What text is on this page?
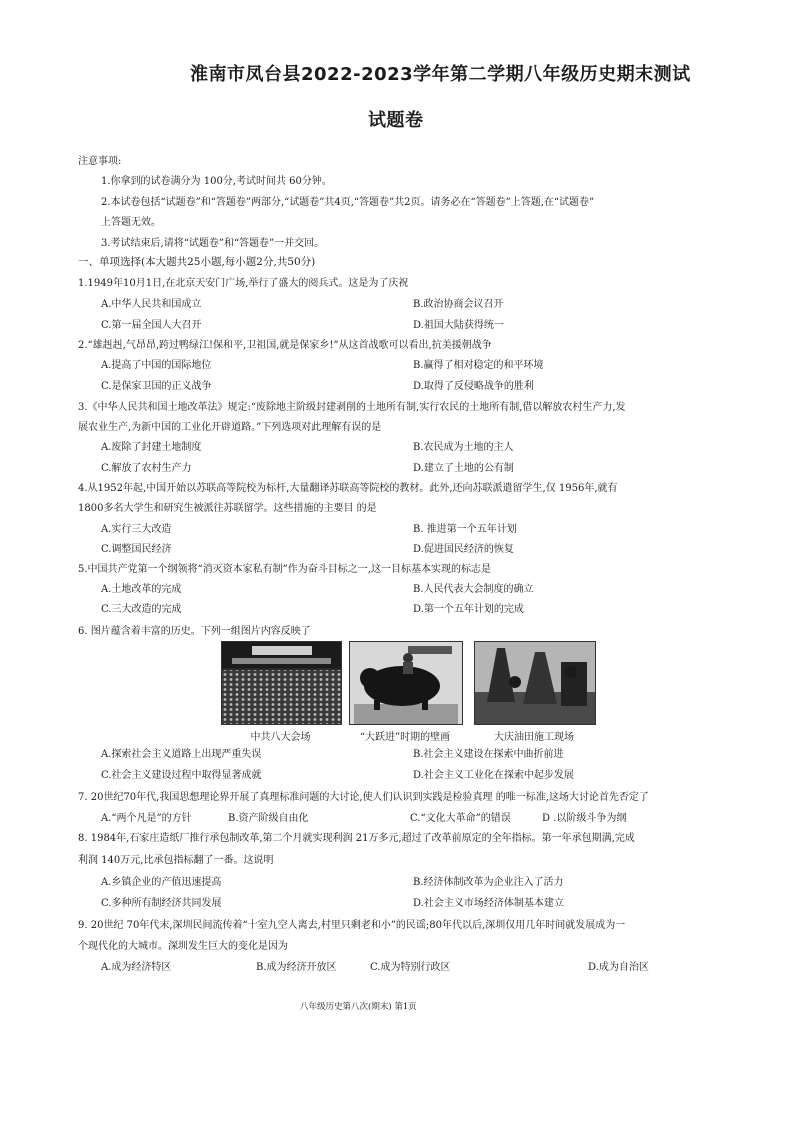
淮南市凤台县2022-2023学年第二学期八年级历史期末测试
试题卷
注意事项:
1.你拿到的试卷满分为 100分,考试时间共 60分钟。
2.本试卷包括“试题卷”和“答题卷”两部分,“试题卷”共4页,“答题卷”共2页。请务必在“答题卷”上答题,在“试题卷”
上答题无效。
3.考试结束后,请将“试题卷”和“答题卷”一并交回。
一、单项选择(本大题共25小题,每小题2分,共50分)
1.1949年10月1日,在北京天安门广场,举行了盛大的阅兵式。这是为了庆祝
A.中华人民共和国成立	B.政治协商会议召开
C.第一届全国人大召开	D.祖国大陆获得统一
2.“雄赳赳,气昂昂,跨过鸭绿江!保和平,卫祖国,就是保家乡!”从这首战歌可以看出,抗美援朝战争
A.提高了中国的国际地位	B.赢得了相对稳定的和平环境
C.是保家卫国的正义战争	D.取得了反侵略战争的胜利
3.《中华人民共和国土地改革法》规定:“废除地主阶级封建剥削的土地所有制,实行农民的土地所有制,借以解放农村生产力,发
展农业生产,为新中国的工业化开辟道路。”下列选项对此理解有误的是
A.废除了封建土地制度	B.农民成为土地的主人
C.解放了农村生产力	D.建立了土地的公有制
4.从1952年起,中国开始以苏联高等院校为标杆,大量翻译苏联高等院校的教材。此外,还向苏联派遣留学生,仅 1956年,就有
1800多名大学生和研究生被派往苏联留学。这些措施的主要目 的是
A.实行三大改造	B. 推进第一个五年计划
C.调整国民经济	D.促进国民经济的恢复
5.中国共产党第一个纲领将“消灭资本家私有制”作为奋斗目标之一,这一目标基本实现的标志是
A.土地改革的完成	B.人民代表大会制度的确立
C.三大改造的完成	D.第一个五年计划的完成
6. 图片蕴含着丰富的历史。下列一组图片内容反映了
中共八大会场	“大跃进”时期的壁画	大庆油田施工现场
A.探索社会主义道路上出现严重失误	B.社会主义建设在探索中曲折前进
C.社会主义建设过程中取得显著成就	D.社会主义工业化在探索中起步发展
7. 20世纪70年代,我国思想理论界开展了真理标准问题的大讨论,使人们认识到实践是检验真理 的唯一标准,这场大讨论首先否定了
A.“两个凡是”的方针	B.资产阶级自由化	C.“文化大革命”的错误	D .以阶级斗争为纲
8. 1984年,石家庄造纸厂推行承包制改革,第二个月就实现利润 21万多元,超过了改革前原定的全年指标。第一年承包期满,完成
利润 140万元,比承包指标翻了一番。这说明
A.乡镇企业的产值迅速提高	B.经济体制改革为企业注入了活力
C.多种所有制经济共同发展	D.社会主义市场经济体制基本建立
9. 20世纪 70年代末,深圳民间流传着“十室九空人离去,村里只剩老和小”的民谣;80年代以后,深圳仅用几年时间就发展成为一
个现代化的大城市。深圳发生巨大的变化是因为
A.成为经济特区	B.成为经济开放区	C.成为特别行政区	D.成为自治区
八年级历史第八次(期末) 第1页
